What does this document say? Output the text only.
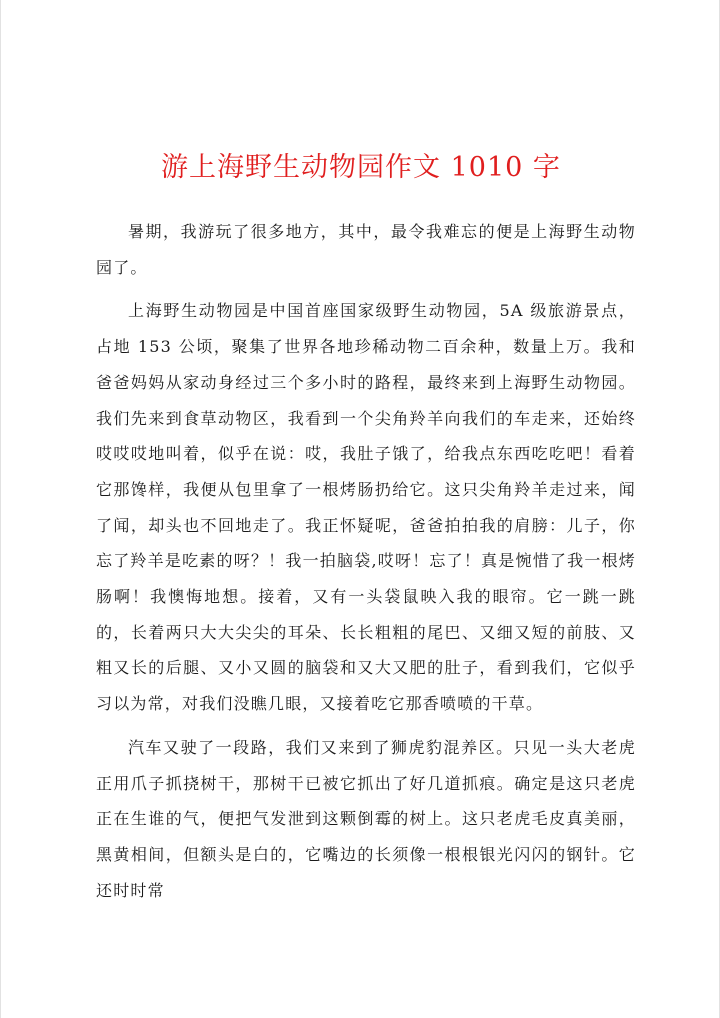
游上海野生动物园作文 1010 字

暑期，我游玩了很多地方，其中，最令我难忘的便是上海野生动物园了。

上海野生动物园是中国首座国家级野生动物园，5A 级旅游景点，占地 153 公顷，聚集了世界各地珍稀动物二百余种，数量上万。我和爸爸妈妈从家动身经过三个多小时的路程，最终来到上海野生动物园。我们先来到食草动物区，我看到一个尖角羚羊向我们的车走来，还始终哎哎哎地叫着，似乎在说：哎，我肚子饿了，给我点东西吃吃吧！看着它那馋样，我便从包里拿了一根烤肠扔给它。这只尖角羚羊走过来，闻了闻，却头也不回地走了。我正怀疑呢，爸爸拍拍我的肩膀：儿子，你忘了羚羊是吃素的呀？！我一拍脑袋,哎呀！忘了！真是惋惜了我一根烤肠啊！我懊悔地想。接着，又有一头袋鼠映入我的眼帘。它一跳一跳的，长着两只大大尖尖的耳朵、长长粗粗的尾巴、又细又短的前肢、又粗又长的后腿、又小又圆的脑袋和又大又肥的肚子，看到我们，它似乎习以为常，对我们没瞧几眼，又接着吃它那香喷喷的干草。

汽车又驶了一段路，我们又来到了狮虎豹混养区。只见一头大老虎正用爪子抓挠树干，那树干已被它抓出了好几道抓痕。确定是这只老虎正在生谁的气，便把气发泄到这颗倒霉的树上。这只老虎毛皮真美丽，黑黄相间，但额头是白的，它嘴边的长须像一根根银光闪闪的钢针。它还时时常
